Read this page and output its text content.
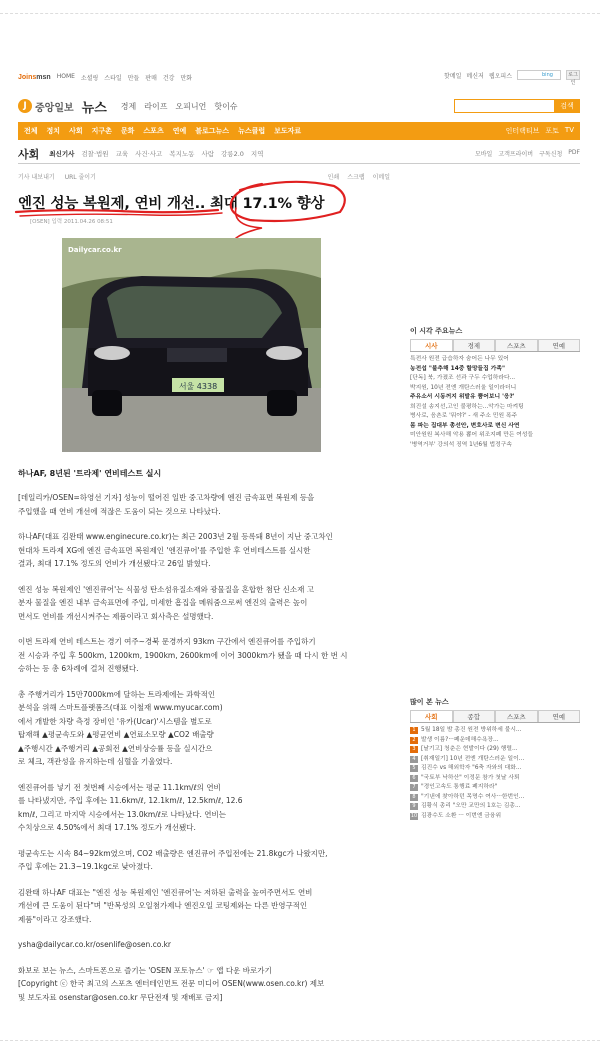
Joinsmsn HOME 소셜링 스타일 만들 판매 건강 만화	핫메일 메신저 웹오피스	bing	로그인
J 중앙일보 뉴스 경제 라이프 오피니언 핫이슈	검색
전체 정치 사회 지구촌 문화 스포츠 연예 블로그뉴스 뉴스클럽 보도자료	인터랙티브 포토 TV
사회 최신기사 검찰·법원 교육 사건·사고 복지노동 사람 강릉2.0 지역	모바일 고객프라이버 구독신청 PDF
기사 내보내기 URL 줄이기	인쇄 스크랩 이메일
엔진 성능 복원제, 연비 개선.. 최대 17.1% 향상
[OSEN] 입력 2011.04.26 08:51
서울 4338
Dailycar.co.kr
하나AF, 8년된 '트라제' 연비테스트 실시

[데일리카/OSEN=하영선 기자] 성능이 떨어진 일반 중고차량에 엔진 금속표면 복원제 등을
주입했을 때 연비 개선에 적잖은 도움이 되는 것으로 나타났다.

하나AF(대표 김완태 www.enginecure.co.kr)는 최근 2003년 2월 등록돼 8년이 지난 중고차인
현대차 트라제 XG에 엔진 금속표면 복원제인 '엔진큐어'를 주입한 후 연비테스트를 실시한
결과, 최대 17.1% 정도의 연비가 개선됐다고 26일 밝혔다.

엔진 성능 복원제인 '엔진큐어'는 식물성 탄소섬유질소재와 광물질을 혼합한 첨단 신소재 고
분자 물질을 엔진 내부 금속표면에 주입, 미세한 흠집을 메워줌으로써 엔진의 출력은 높이
면서도 연비를 개선시켜주는 제품이라고 회사측은 설명했다.

이번 트라제 연비 테스트는 경기 여주~경북 문경까지 93km 구간에서 엔진큐어를 주입하기
전 시승과 주입 후 500km, 1200km, 1900km, 2600km에 이어 3000km가 됐을 때 다시 한 번 시
승하는 등 총 6차례에 걸쳐 진행됐다.

총 주행거리가 15만7000km에 달하는 트라제에는 과학적인
분석을 위해 스마트플랫폼즈(대표 이철재 www.myucar.com)
에서 개발한 차량 측정 장비인 '유카(Ucar)'시스템을 별도로
탑재해 ▲평균속도와 ▲평균연비 ▲연료소모량 ▲CO2 배출량
▲주행시간 ▲주행거리 ▲공회전 ▲연비상승률 등을 실시간으
로 체크, 객관성을 유지하는데 심혈을 기울였다.

엔진큐어를 넣기 전 첫번째 시승에서는 평균 11.1km/ℓ의 연비
를 나타냈지만, 주입 후에는 11.6km/ℓ, 12.1km/ℓ, 12.5km/ℓ, 12.6
km/ℓ, 그리고 마지막 시승에서는 13.0km/ℓ로 나타났다. 연비는
수치상으로 4.50%에서 최대 17.1% 정도가 개선됐다.

평균속도는 시속 84~92km였으며, CO2 배출량은 엔진큐어 주입전에는 21.8kgc가 나왔지만,
주입 후에는 21.3~19.1kgc로 낮아졌다.

김완태 하나AF 대표는 "엔진 성능 복원제인 '엔진큐어'는 저하된 출력을 높여주면서도 연비
개선에 큰 도움이 된다"며 "반복성의 오일첨가제나 엔진오일 코팅제와는 다른 반영구적인
제품"이라고 강조했다.

ysha@dailycar.co.kr/osenlife@osen.co.kr

화보로 보는 뉴스, 스마트폰으로 즐기는 'OSEN 포토뉴스' ☞ 앱 다운 바로가기
[Copyright ⓒ 한국 최고의 스포츠 엔터테인먼트 전문 미디어 OSEN(www.osen.co.kr) 제보
및 보도자료 osenstar@osen.co.kr 무단전재 및 재배포 금지]

이 시각 주요뉴스
시사	경제	스포츠	연예
특전사 원전 급습하자 숨어든 나무 있어
농전섭 "불추해 14중 할망들집 가족"
[단독] 북, 가졌조 선과 구두 수업하라다...
박지원, 10년 전엔 개탄스러울 일이라더니
주유소서 시동꺼지 위발유 뿜어보니 '응?'
희진설 송지선,고인 불평하는...악가는 마켜팅
병사로, 음촌로 '뭐야?' - 새 주소 민원 폭주
몸 파는 집대부 총선안, 변호사로 변신 사연
미안원원 복사해 악용 뽑어 위조지폐 만든 여성들
'병역거부' 강의석 징역 1년6월 법정구속
많이 본 뉴스
사회	종합	스포츠	연예
1 5월 18일 밤 총진 원전 방위하세 불시...
2 발생 이름?···폐운데해수욕장...
3 [날기고] 청춘은 현발이다 (29) 행렬...
4 [취재일기] 10년 전엔 개탄스러운 일이...
5 김진수 vs 해외학자 "6축 자와의 대화...
6 "국토부 낙하산" 이정문 참가 첫날 사퇴
7 "경인고속도 통행료 폐지하라"
8 "기낸에 찾아하던 목명수 여사···한번인...
9 김황식 총리 "오만 교만의 1호는 김총...
10 김광수도 소환 ··· 이번엔 금융위
